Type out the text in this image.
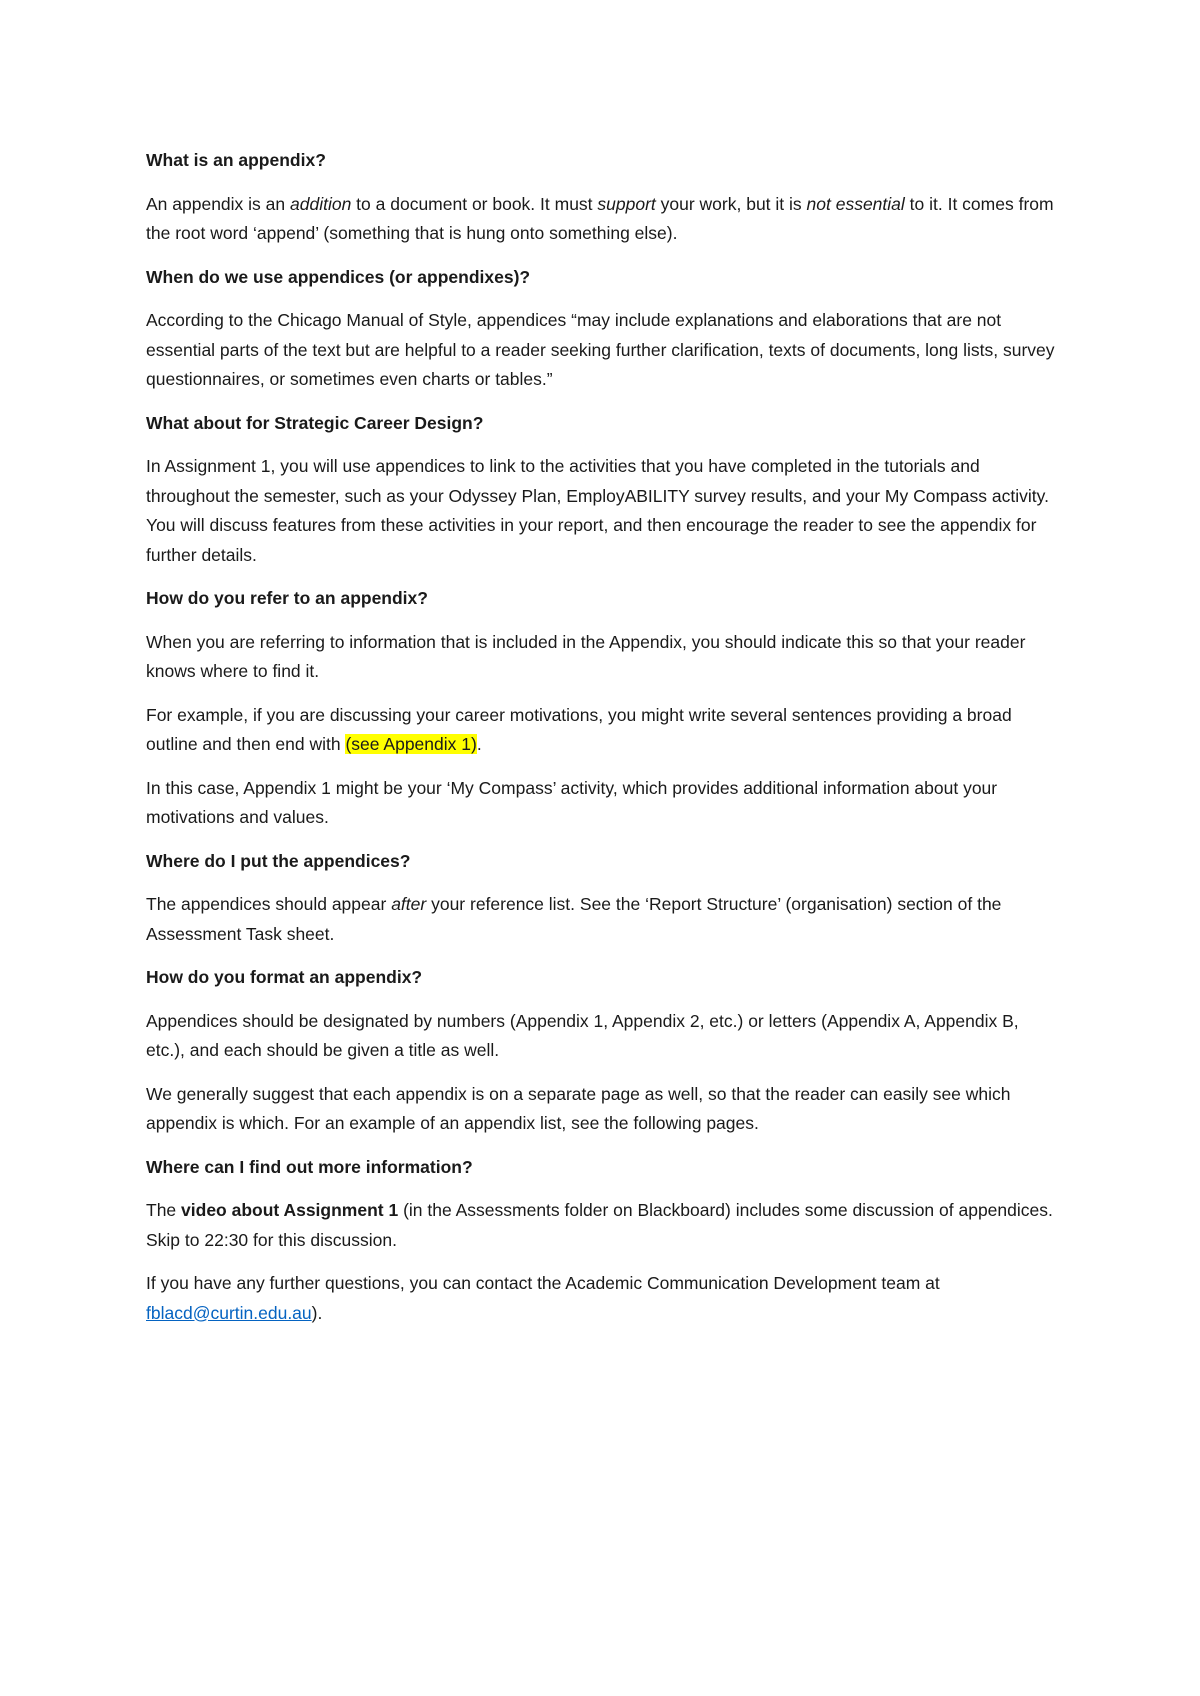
What is an appendix?

An appendix is an addition to a document or book. It must support your work, but it is not essential to it. It comes from the root word ‘append’ (something that is hung onto something else).

When do we use appendices (or appendixes)?

According to the Chicago Manual of Style, appendices “may include explanations and elaborations that are not essential parts of the text but are helpful to a reader seeking further clarification, texts of documents, long lists, survey questionnaires, or sometimes even charts or tables.”

What about for Strategic Career Design?

In Assignment 1, you will use appendices to link to the activities that you have completed in the tutorials and throughout the semester, such as your Odyssey Plan, EmployABILITY survey results, and your My Compass activity. You will discuss features from these activities in your report, and then encourage the reader to see the appendix for further details.

How do you refer to an appendix?

When you are referring to information that is included in the Appendix, you should indicate this so that your reader knows where to find it.

For example, if you are discussing your career motivations, you might write several sentences providing a broad outline and then end with (see Appendix 1).

In this case, Appendix 1 might be your ‘My Compass’ activity, which provides additional information about your motivations and values.

Where do I put the appendices?

The appendices should appear after your reference list. See the ‘Report Structure’ (organisation) section of the Assessment Task sheet.

How do you format an appendix?

Appendices should be designated by numbers (Appendix 1, Appendix 2, etc.) or letters (Appendix A, Appendix B, etc.), and each should be given a title as well.

We generally suggest that each appendix is on a separate page as well, so that the reader can easily see which appendix is which. For an example of an appendix list, see the following pages.

Where can I find out more information?

The video about Assignment 1 (in the Assessments folder on Blackboard) includes some discussion of appendices. Skip to 22:30 for this discussion.

If you have any further questions, you can contact the Academic Communication Development team at fblacd@curtin.edu.au).
